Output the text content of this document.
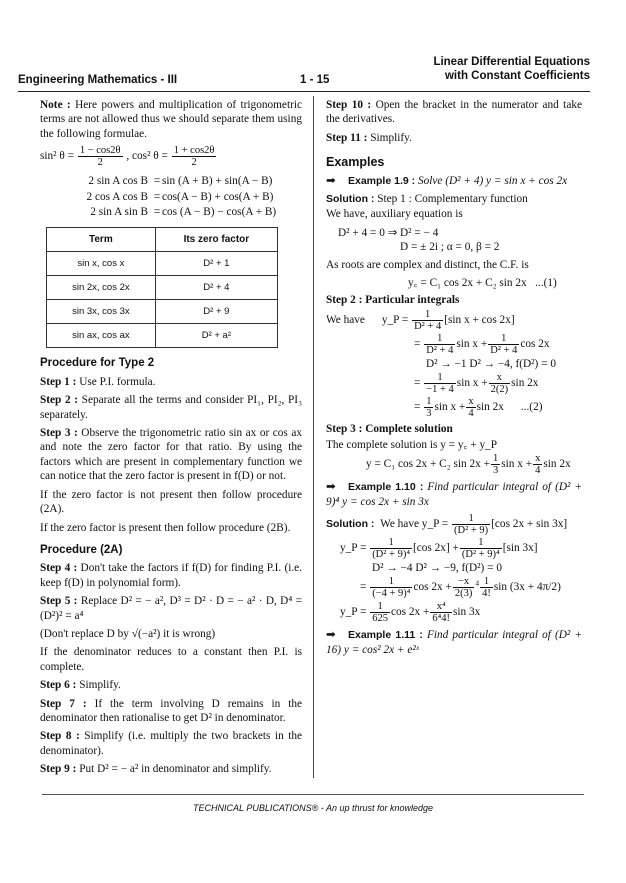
Engineering Mathematics - III	1 - 15
Linear Differential Equations
with Constant Coefficients

Note : Here powers and multiplication of trigonometric terms are not allowed thus we should separate them using the following formulae.

sin² $\theta = \frac{1 - \cos 2\theta}{2}$ , cos² $\theta = \frac{1 + \cos 2\theta}{2}$
2 sin A cos B = sin (A + B) + sin(A − B)
2 cos A cos B = cos(A − B) + cos(A + B)
2 sin A sin B = cos (A − B) − cos(A + B)
Term	Its zero factor
sin x, cos x	D² + 1
sin 2x, cos 2x	D² + 4
sin 3x, cos 3x	D² + 9
sin ax, cos ax	D² + a²
Procedure for Type 2

Step 1 : Use P.I. formula.

Step 2 : Separate all the terms and consider PI₁, PI₂, PI₃ separately.

Step 3 : Observe the trigonometric ratio sin ax or cos ax and note the zero factor for that ratio. By using the factors which are present in complementary function we can notice that the zero factor is present in f(D) or not.

If the zero factor is not present then follow procedure (2A).

If the zero factor is present then follow procedure (2B).

Procedure (2A)

Step 4 : Don't take the factors if f(D) for finding P.I. (i.e. keep f(D) in polynomial form).

Step 5 : Replace D² = − a², D³ = D² · D = − a² · D, D⁴ = (D²)² = a⁴

(Don't replace D by √(−a²) it is wrong)

If the denominator reduces to a constant then P.I. is complete.

Step 6 : Simplify.

Step 7 : If the term involving D remains in the denominator then rationalise to get D² in denominator.

Step 8 : Simplify (i.e. multiply the two brackets in the denominator).

Step 9 : Put D² = − a² in denominator and simplify.

Step 10 : Open the bracket in the numerator and take the derivatives.

Step 11 : Simplify.

Examples

➡ Example 1.9 : Solve (D² + 4) y = sin x + cos 2x

Solution : Step 1 : Complementary function

We have, auxiliary equation is

D² + 4 = 0 ⇒ D² = − 4
D = ± 2i ; α = 0, β = 2

As roots are complex and distinct, the C.F. is

y꜀ = C₁ cos 2x + C₂ sin 2x ...(1)

Step 2 : Particular integrals

We have y_P = $\frac{1}{\text{D² + 4}} [\sin$ x + cos 2x]
= $\frac{1}{\text{D² + 4}}$ $\sin x + \frac{1}{\text{D² + 4}}$ cos 2x
D² → −1 D² → −4, f(D²) = 0
= $\frac{1}{-1 + 4}$ $\sin x + \frac{x}{2(2)}$ sin 2x
= $\frac{1}{3}$ $\sin x + \frac{x}{4}$ sin 2x ...(2)

Step 3 : Complete solution

The complete solution is y = y꜀ + y_P

y = C₁ cos 2x + C₂ $\sin 2x + \frac{1}{3}$ $\sin x + \frac{x}{4}$ sin 2x

➡ Example 1.10 : Find particular integral of (D² + 9)⁴ y = cos 2x + sin 3x

Solution : We have y_P = $\frac{1}{\text{(D² + 9)}} [\cos$ 2x + sin 3x]
y_P = $\frac{1}{\text{(D² + 9)⁴}} [\cos$ $2x] + \frac{1}{\text{(D² + 9)⁴}} [\sin$ 3x]
D² → −4 D² → −9, f(D²) = 0
= $\frac{1}{\text{(−4 + 9)⁴}}$ $\cos 2x + \frac{-x}{2(3)} ^4 \frac{1}{4!}$ sin (3x + 4π/2)
y_P = $\frac{1}{625}$ $\cos 2x + \frac{\text{x⁴}}{\text{6⁴4!}}$ sin 3x

➡ Example 1.11 : Find particular integral of (D² + 16) y = cos² 2x + e²ˣ

TECHNICAL PUBLICATIONS® - An up thrust for knowledge
